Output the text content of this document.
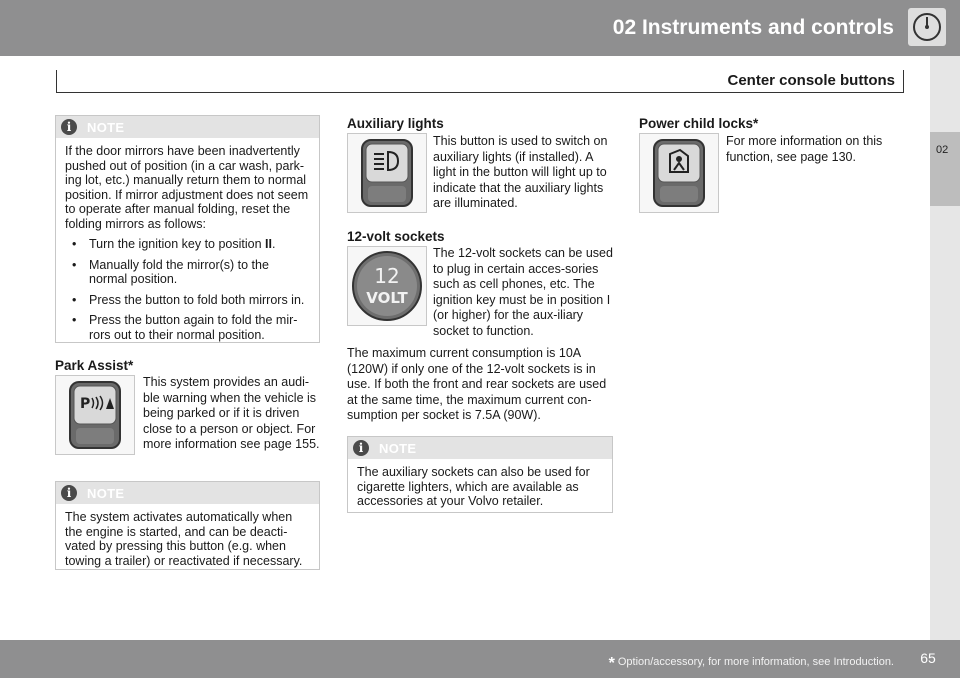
02 Instruments and controls
Center console buttons
02
i	NOTE
If the door mirrors have been inadvertently pushed out of position (in a car wash, park-ing lot, etc.) manually return them to normal position. If mirror adjustment does not seem to operate after manual folding, reset the folding mirrors as follows:
• Turn the ignition key to position II.
• Manually fold the mirror(s) to the normal position.
• Press the button to fold both mirrors in.
• Press the button again to fold the mir-rors out to their normal position.
Park Assist*
P
This system provides an audi-ble warning when the vehicle is being parked or if it is driven close to a person or object. For more information see page 155.
i	NOTE
The system activates automatically when the engine is started, and can be deacti-vated by pressing this button (e.g. when towing a trailer) or reactivated if necessary.
Auxiliary lights
This button is used to switch on auxiliary lights (if installed). A light in the button will light up to indicate that the auxiliary lights are illuminated.
12-volt sockets
12
VOLT
The 12-volt sockets can be used to plug in certain acces-sories such as cell phones, etc. The ignition key must be in position I (or higher) for the aux-iliary socket to function.
The maximum current consumption is 10A (120W) if only one of the 12-volt sockets is in use. If both the front and rear sockets are used at the same time, the maximum current con-sumption per socket is 7.5A (90W).
i	NOTE
The auxiliary sockets can also be used for cigarette lighters, which are available as accessories at your Volvo retailer.
Power child locks*
For more information on this function, see page 130.
* Option/accessory, for more information, see Introduction.	65
